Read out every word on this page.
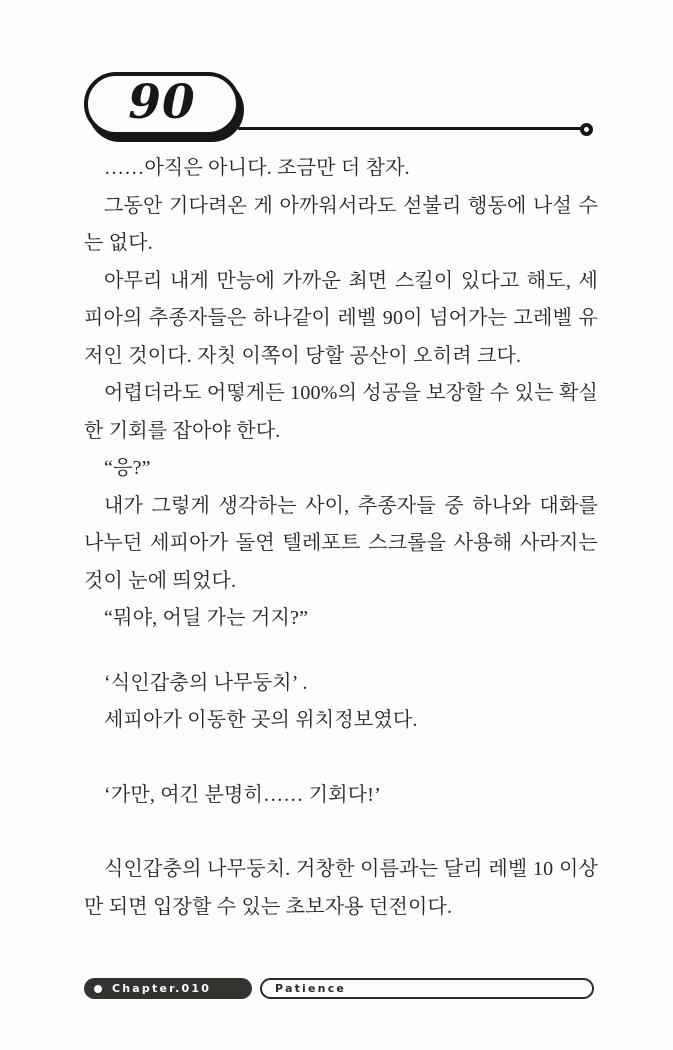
90

……아직은 아니다. 조금만 더 참자.

그동안 기다려온 게 아까워서라도 섣불리 행동에 나설 수는 없다.

아무리 내게 만능에 가까운 최면 스킬이 있다고 해도, 세피아의 추종자들은 하나같이 레벨 90이 넘어가는 고레벨 유저인 것이다. 자칫 이쪽이 당할 공산이 오히려 크다.

어렵더라도 어떻게든 100%의 성공을 보장할 수 있는 확실한 기회를 잡아야 한다.

“응?”

내가 그렇게 생각하는 사이, 추종자들 중 하나와 대화를 나누던 세피아가 돌연 텔레포트 스크롤을 사용해 사라지는 것이 눈에 띄었다.

“뭐야, 어딜 가는 거지?”

‘식인갑충의 나무둥치’ .

세피아가 이동한 곳의 위치정보였다.

‘가만, 여긴 분명히…… 기회다!’

식인갑충의 나무둥치. 거창한 이름과는 달리 레벨 10 이상만 되면 입장할 수 있는 초보자용 던전이다.

Chapter.010	Patience
